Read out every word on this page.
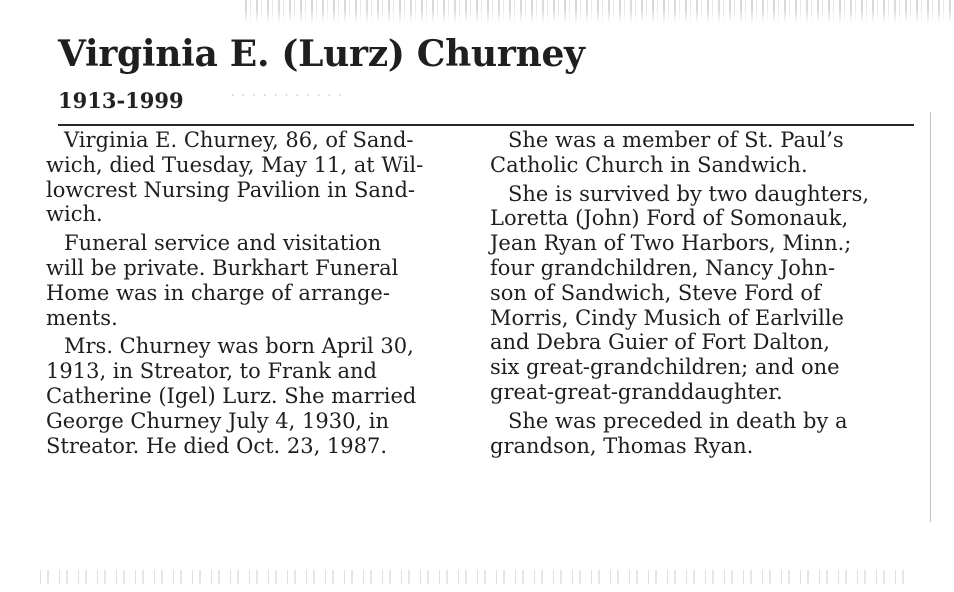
· · · · · · · · · · ·
Virginia E. (Lurz) Churney
1913-1999

Virginia E. Churney, 86, of Sand-
wich, died Tuesday, May 11, at Wil-
lowcrest Nursing Pavilion in Sand-
wich.

Funeral service and visitation
will be private. Burkhart Funeral
Home was in charge of arrange-
ments.

Mrs. Churney was born April 30,
1913, in Streator, to Frank and
Catherine (Igel) Lurz. She married
George Churney July 4, 1930, in
Streator. He died Oct. 23, 1987.

She was a member of St. Paul’s
Catholic Church in Sandwich.

She is survived by two daughters,
Loretta (John) Ford of Somonauk,
Jean Ryan of Two Harbors, Minn.;
four grandchildren, Nancy John-
son of Sandwich, Steve Ford of
Morris, Cindy Musich of Earlville
and Debra Guier of Fort Dalton,
six great-grandchildren; and one
great-great-granddaughter.

She was preceded in death by a
grandson, Thomas Ryan.
